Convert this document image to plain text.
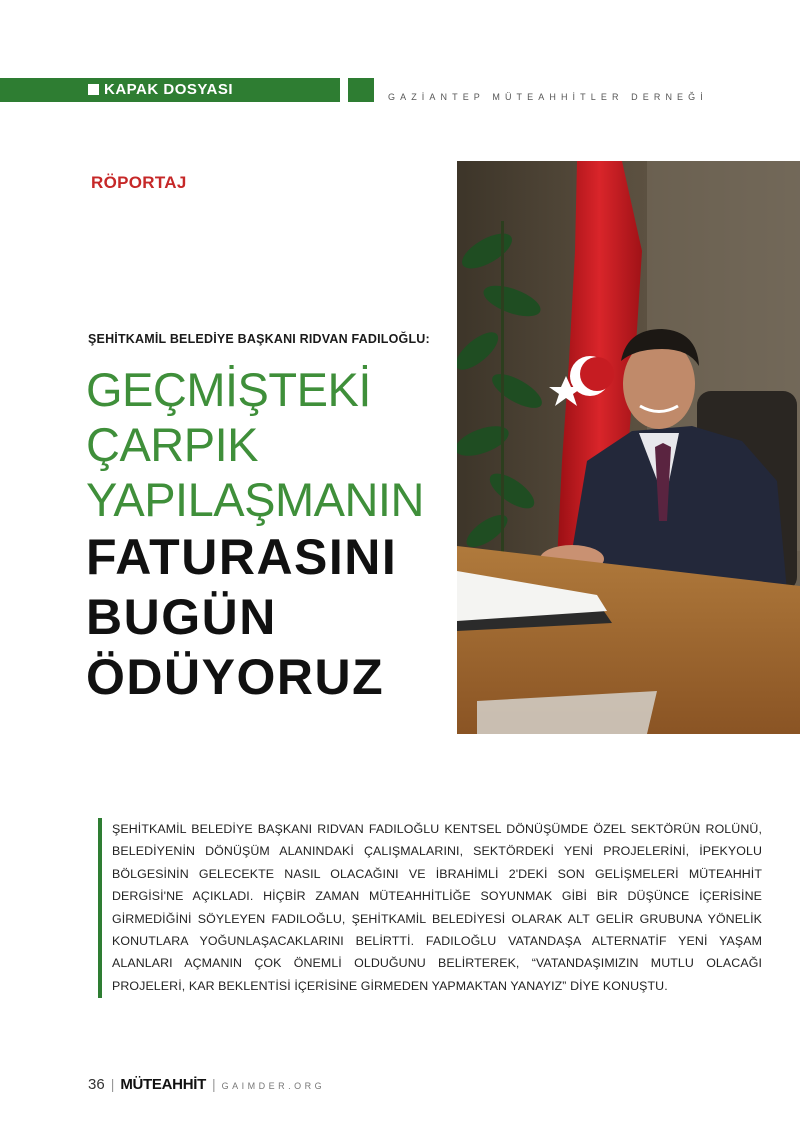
KAPAK DOSYASI	GAZİANTEP MÜTEAHHİTLER DERNEĞİ
RÖPORTAJ
ŞEHİTKAMİL BELEDİYE BAŞKANI RIDVAN FADILOĞLU:
GEÇMİŞTEKİ
ÇARPIK
YAPILAŞMANIN
FATURASINI
BUGÜN
ÖDÜYORUZ

ŞEHİTKAMİL BELEDİYE BAŞKANI RIDVAN FADILOĞLU KENTSEL DÖNÜŞÜMDE ÖZEL SEKTÖRÜN ROLÜNÜ, BELEDİYENİN DÖNÜŞÜM ALANINDAKİ ÇALIŞMALARINI, SEKTÖRDEKİ YENİ PROJELERİNİ, İPEKYOLU BÖLGESİNİN GELECEKTE NASIL OLACAĞINI VE İBRAHİMLİ 2'DEKİ SON GELİŞMELERİ MÜTEAHHİT DERGİSİ'NE AÇIKLADI. HİÇBİR ZAMAN MÜTEAHHİTLİĞE SOYUNMAK GİBİ BİR DÜŞÜNCE İÇERİSİNE GİRMEDİĞİNİ SÖYLEYEN FADILOĞLU, ŞEHİTKAMİL BELEDİYESİ OLARAK ALT GELİR GRUBUNA YÖNELİK KONUTLARA YOĞUNLAŞACAKLARINI BELİRTTİ. FADILOĞLU VATANDAŞA ALTERNATİF YENİ YAŞAM ALANLARI AÇMANIN ÇOK ÖNEMLİ OLDUĞUNU BELİRTEREK, “VATANDAŞIMIZIN MUTLU OLACAĞI PROJELERİ, KAR BEKLENTİSİ İÇERİSİNE GİRMEDEN YAPMAKTAN YANAYIZ” DİYE KONUŞTU.

36 | MÜTEAHHİT | GAIMDER.ORG
